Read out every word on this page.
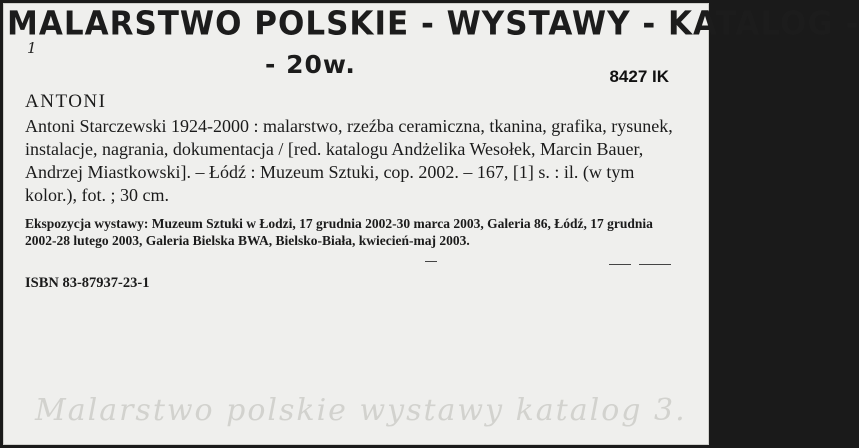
MALARSTWO POLSKIE - WYSTAWY - KATALOG -

- 20w.

1
8427 IK

ANTONI

Antoni Starczewski 1924-2000 : malarstwo, rzeźba ceramiczna, tkanina, grafika, rysunek, instalacje, nagrania, dokumentacja / [red. katalogu Andżelika Wesołek, Marcin Bauer, Andrzej Miastkowski]. – Łódź : Muzeum Sztuki, cop. 2002. – 167, [1] s. : il. (w tym kolor.), fot. ; 30 cm.

Ekspozycja wystawy: Muzeum Sztuki w Łodzi, 17 grudnia 2002-30 marca 2003, Galeria 86, Łódź, 17 grudnia 2002-28 lutego 2003, Galeria Bielska BWA, Bielsko-Biała, kwiecień-maj 2003.

ISBN 83-87937-23-1

Malarstwo polskie wystawy katalog 3.
